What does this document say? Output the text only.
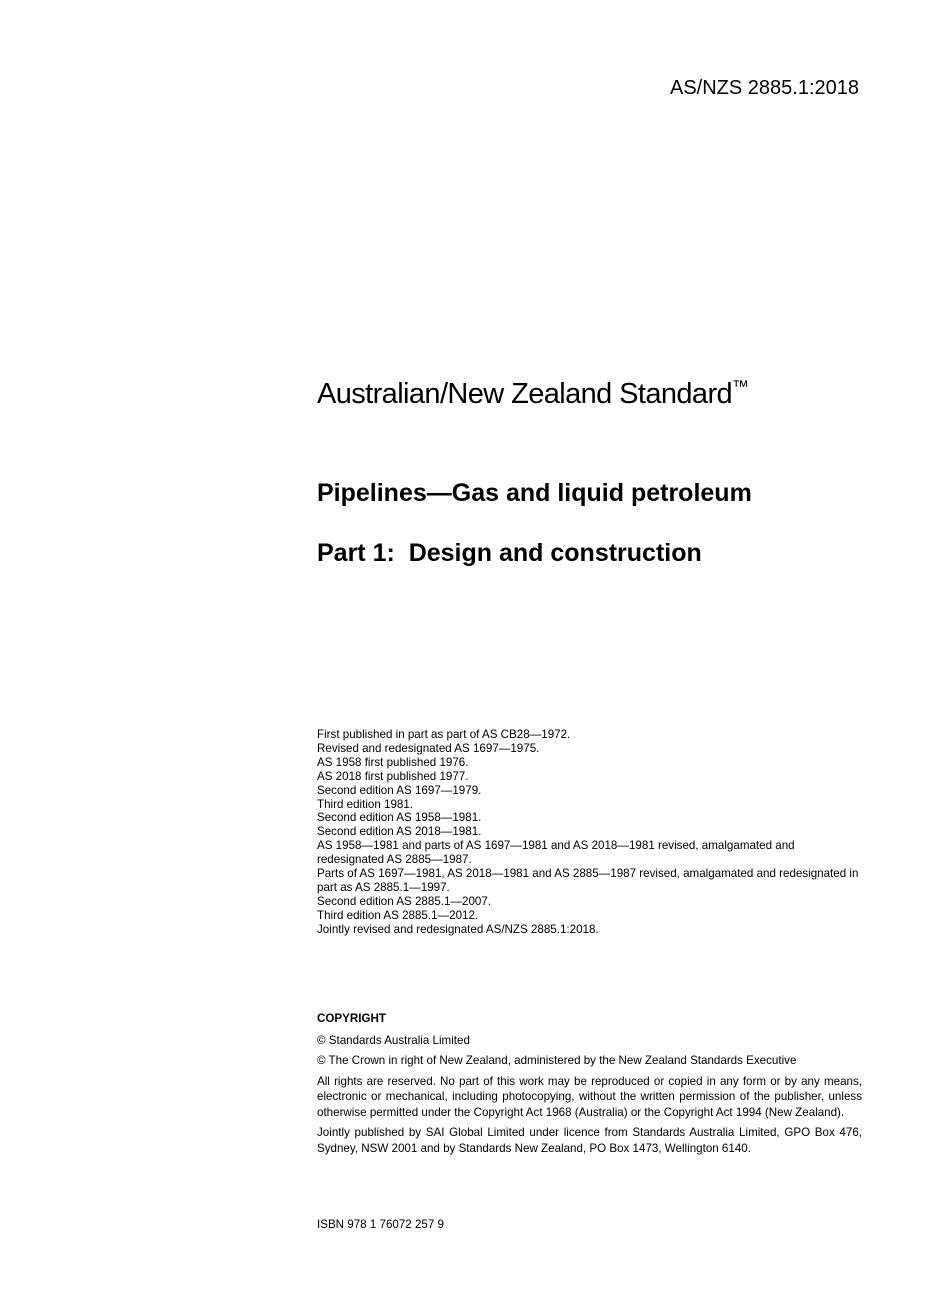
AS/NZS 2885.1:2018
Australian/New Zealand Standard™
Pipelines—Gas and liquid petroleum
Part 1:  Design and construction
First published in part as part of AS CB28—1972.
Revised and redesignated AS 1697—1975.
AS 1958 first published 1976.
AS 2018 first published 1977.
Second edition AS 1697—1979.
Third edition 1981.
Second edition AS 1958—1981.
Second edition AS 2018—1981.
AS 1958—1981 and parts of AS 1697—1981 and AS 2018—1981 revised, amalgamated and redesignated AS 2885—1987.
Parts of AS 1697—1981, AS 2018—1981 and AS 2885—1987 revised, amalgamated and redesignated in part as AS 2885.1—1997.
Second edition AS 2885.1—2007.
Third edition AS 2885.1—2012.
Jointly revised and redesignated AS/NZS 2885.1:2018.
COPYRIGHT

© Standards Australia Limited

© The Crown in right of New Zealand, administered by the New Zealand Standards Executive

All rights are reserved. No part of this work may be reproduced or copied in any form or by any means, electronic or mechanical, including photocopying, without the written permission of the publisher, unless otherwise permitted under the Copyright Act 1968 (Australia) or the Copyright Act 1994 (New Zealand).

Jointly published by SAI Global Limited under licence from Standards Australia Limited, GPO Box 476, Sydney, NSW 2001 and by Standards New Zealand, PO Box 1473, Wellington 6140.

ISBN 978 1 76072 257 9
